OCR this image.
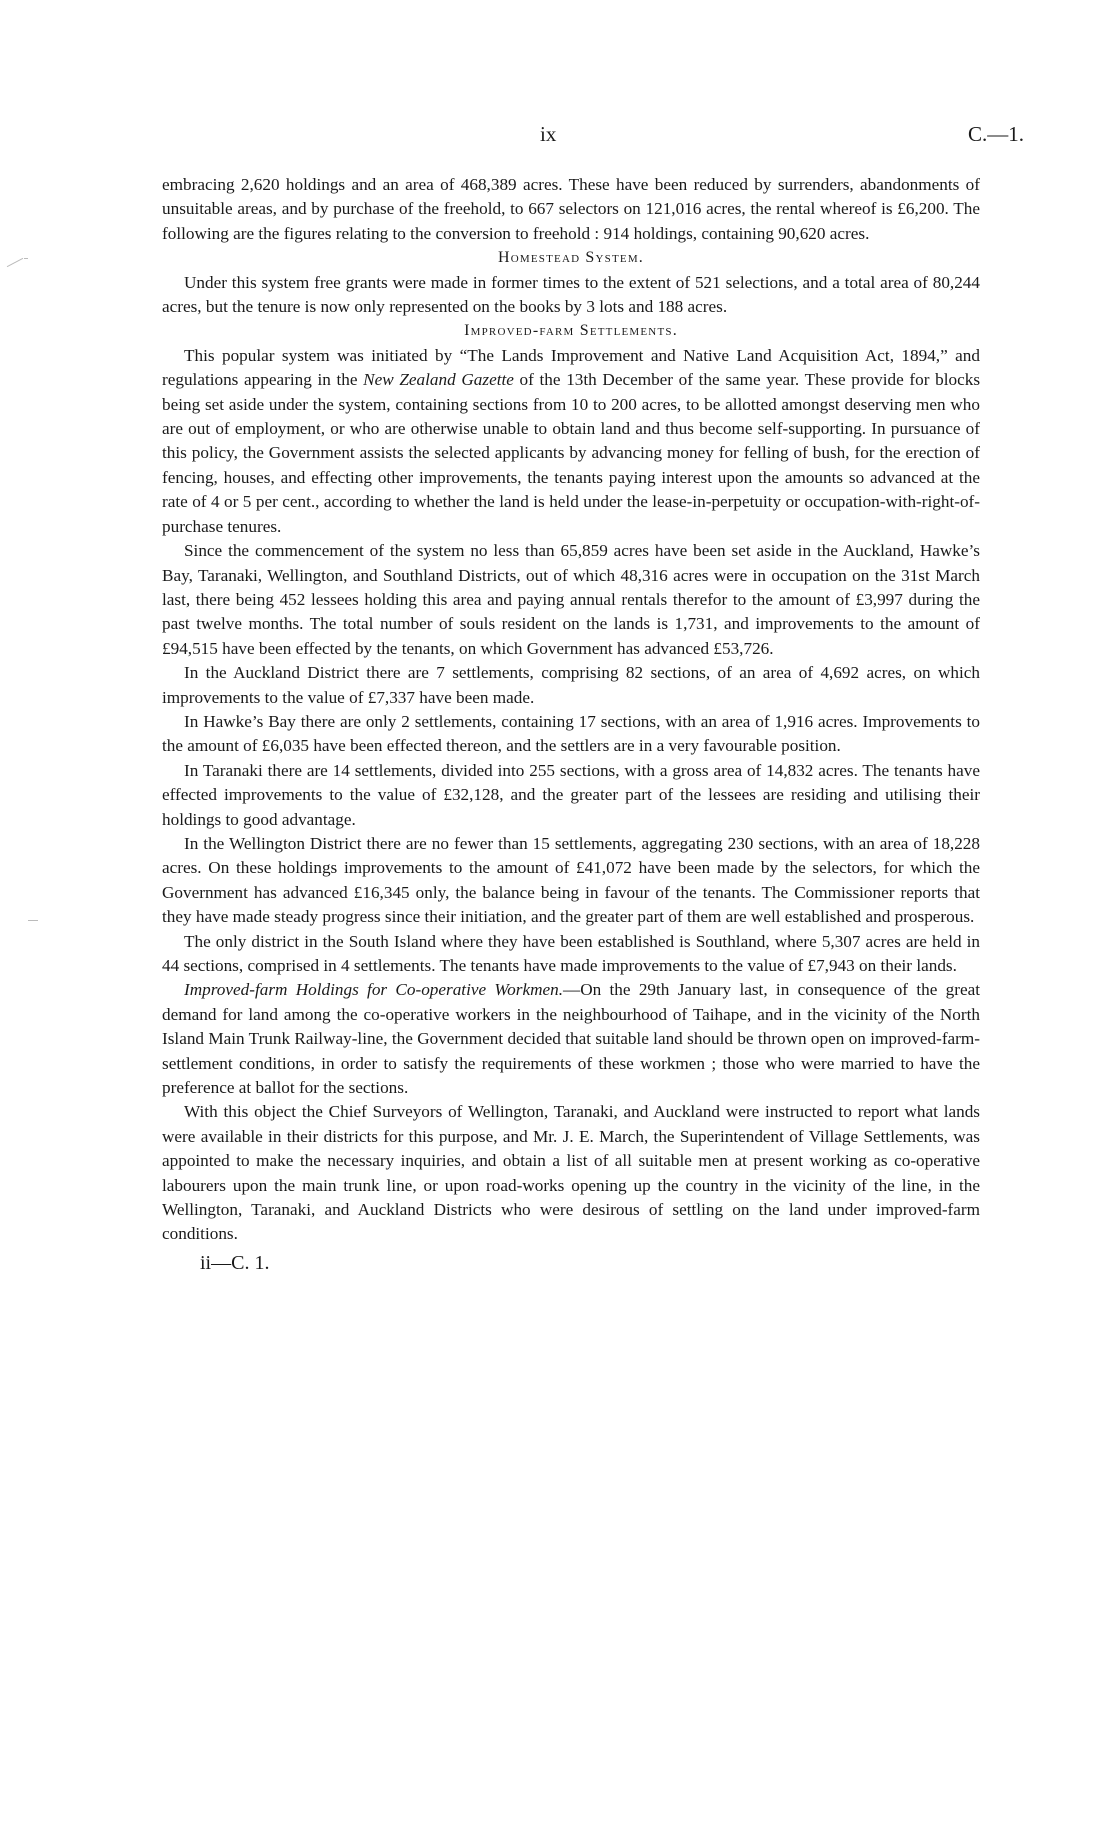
ix	C.—1.

embracing 2,620 holdings and an area of 468,389 acres. These have been reduced by surrenders, abandonments of unsuitable areas, and by purchase of the freehold, to 667 selectors on 121,016 acres, the rental whereof is £6,200. The following are the figures relating to the conversion to freehold : 914 holdings, containing 90,620 acres.

Homestead System.

Under this system free grants were made in former times to the extent of 521 selections, and a total area of 80,244 acres, but the tenure is now only represented on the books by 3 lots and 188 acres.

Improved-farm Settlements.

This popular system was initiated by “The Lands Improvement and Native Land Acquisition Act, 1894,” and regulations appearing in the New Zealand Gazette of the 13th December of the same year. These provide for blocks being set aside under the system, containing sections from 10 to 200 acres, to be allotted amongst deserving men who are out of employment, or who are otherwise unable to obtain land and thus become self-supporting. In pursuance of this policy, the Government assists the selected applicants by advancing money for felling of bush, for the erection of fencing, houses, and effecting other improvements, the tenants paying interest upon the amounts so advanced at the rate of 4 or 5 per cent., according to whether the land is held under the lease-in-perpetuity or occupation-with-right-of-purchase tenures.

Since the commencement of the system no less than 65,859 acres have been set aside in the Auckland, Hawke’s Bay, Taranaki, Wellington, and Southland Districts, out of which 48,316 acres were in occupation on the 31st March last, there being 452 lessees holding this area and paying annual rentals therefor to the amount of £3,997 during the past twelve months. The total number of souls resident on the lands is 1,731, and improvements to the amount of £94,515 have been effected by the tenants, on which Government has advanced £53,726.

In the Auckland District there are 7 settlements, comprising 82 sections, of an area of 4,692 acres, on which improvements to the value of £7,337 have been made.

In Hawke’s Bay there are only 2 settlements, containing 17 sections, with an area of 1,916 acres. Improvements to the amount of £6,035 have been effected thereon, and the settlers are in a very favourable position.

In Taranaki there are 14 settlements, divided into 255 sections, with a gross area of 14,832 acres. The tenants have effected improvements to the value of £32,128, and the greater part of the lessees are residing and utilising their holdings to good advantage.

In the Wellington District there are no fewer than 15 settlements, aggregating 230 sections, with an area of 18,228 acres. On these holdings improvements to the amount of £41,072 have been made by the selectors, for which the Government has advanced £16,345 only, the balance being in favour of the tenants. The Commissioner reports that they have made steady progress since their initiation, and the greater part of them are well established and prosperous.

The only district in the South Island where they have been established is Southland, where 5,307 acres are held in 44 sections, comprised in 4 settlements. The tenants have made improvements to the value of £7,943 on their lands.

Improved-farm Holdings for Co-operative Workmen.—On the 29th January last, in consequence of the great demand for land among the co-operative workers in the neighbourhood of Taihape, and in the vicinity of the North Island Main Trunk Railway-line, the Government decided that suitable land should be thrown open on improved-farm-settlement conditions, in order to satisfy the requirements of these workmen ; those who were married to have the preference at ballot for the sections.

With this object the Chief Surveyors of Wellington, Taranaki, and Auckland were instructed to report what lands were available in their districts for this purpose, and Mr. J. E. March, the Superintendent of Village Settlements, was appointed to make the necessary inquiries, and obtain a list of all suitable men at present working as co-operative labourers upon the main trunk line, or upon road-works opening up the country in the vicinity of the line, in the Wellington, Taranaki, and Auckland Districts who were desirous of settling on the land under improved-farm conditions.

ii—C. 1.
